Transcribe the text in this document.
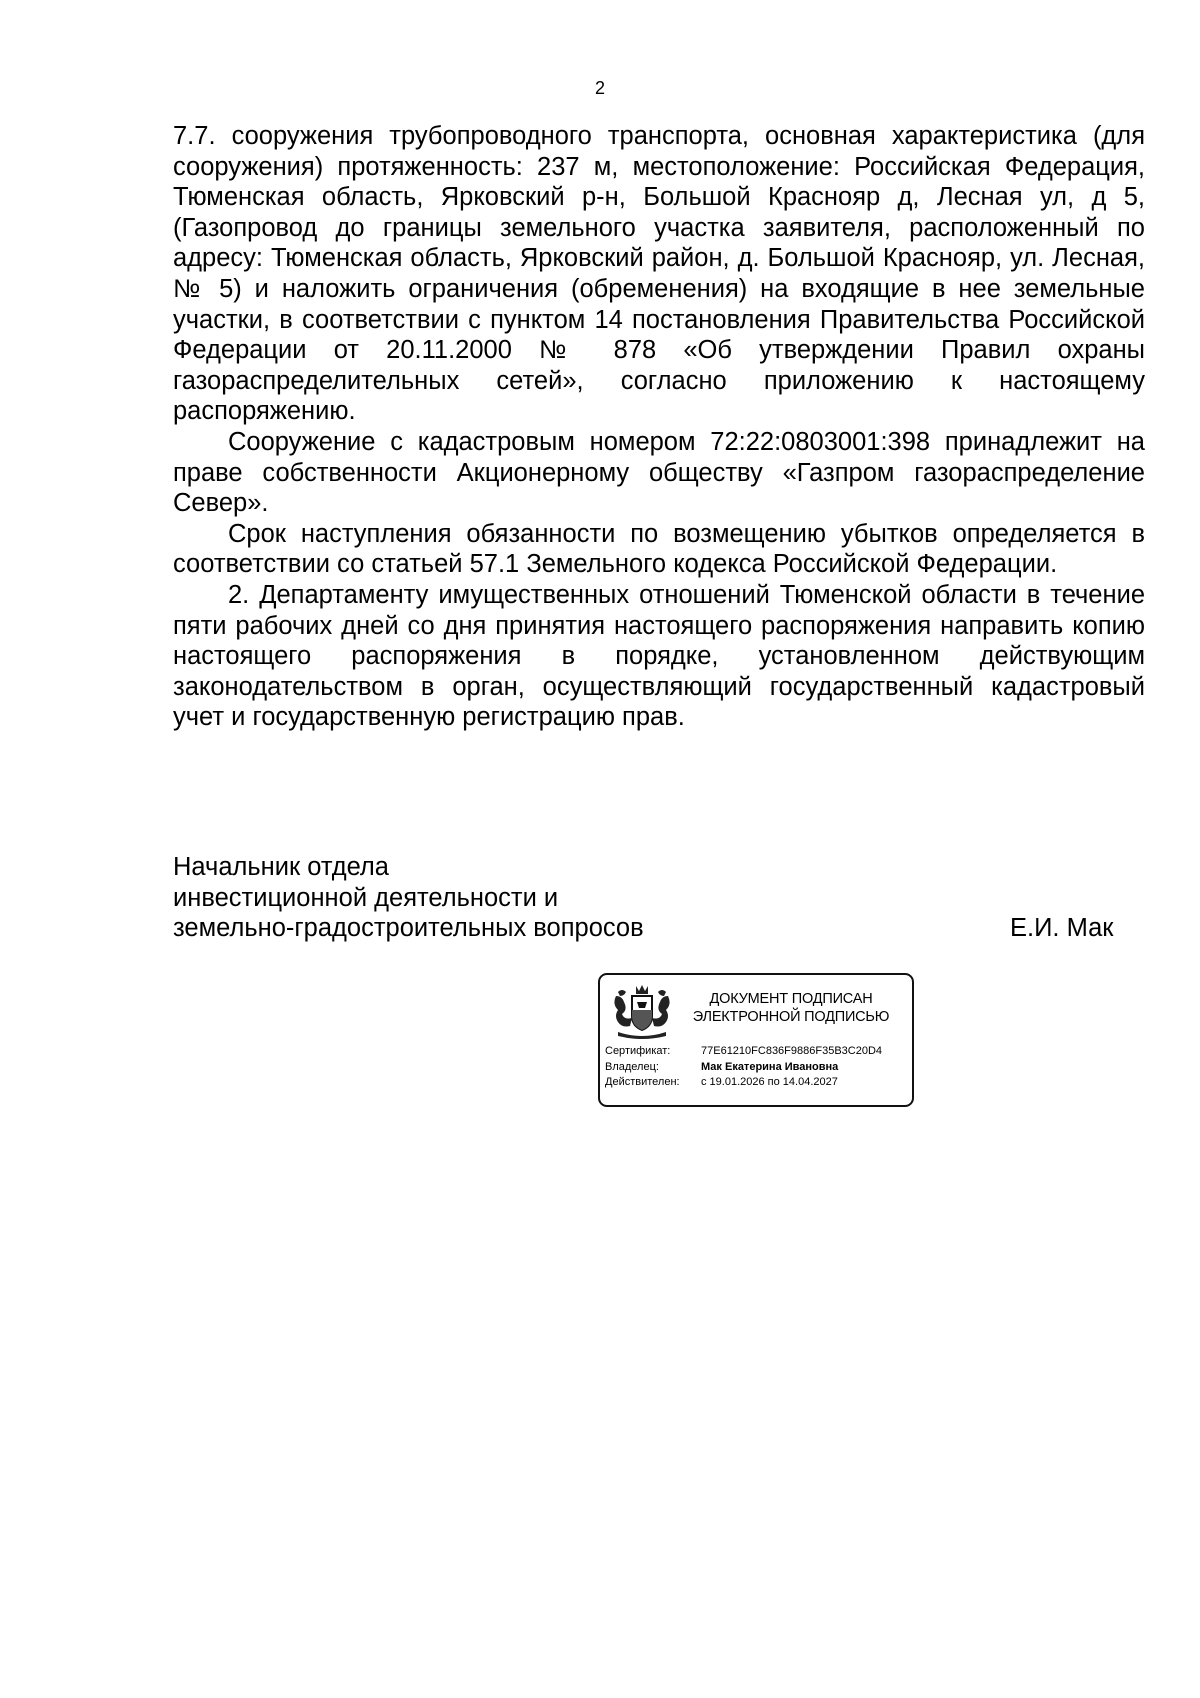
2

7.7. сооружения трубопроводного транспорта, основная характеристика (для сооружения) протяженность: 237 м, местоположение: Российская Федерация, Тюменская область, Ярковский р-н, Большой Краснояр д, Лесная ул, д 5, (Газопровод до границы земельного участка заявителя, расположенный по адресу: Тюменская область, Ярковский район, д. Большой Краснояр, ул. Лесная, № 5) и наложить ограничения (обременения) на входящие в нее земельные участки, в соответствии с пунктом 14 постановления Правительства Российской Федерации от 20.11.2000 № 878 «Об утверждении Правил охраны газораспределительных сетей», согласно приложению к настоящему распоряжению.

Сооружение с кадастровым номером 72:22:0803001:398 принадлежит на праве собственности Акционерному обществу «Газпром газораспределение Север».

Срок наступления обязанности по возмещению убытков определяется в соответствии со статьей 57.1 Земельного кодекса Российской Федерации.

2. Департаменту имущественных отношений Тюменской области в течение пяти рабочих дней со дня принятия настоящего распоряжения направить копию настоящего распоряжения в порядке, установленном действующим законодательством в орган, осуществляющий государственный кадастровый учет и государственную регистрацию прав.

Начальник отдела
инвестиционной деятельности и
земельно-градостроительных вопросов	Е.И. Мак
ДОКУМЕНТ ПОДПИСАН
ЭЛЕКТРОННОЙ ПОДПИСЬЮ
Сертификат:	77E61210FC836F9886F35B3C20D4
Владелец:	Мак Екатерина Ивановна
Действителен:	с 19.01.2026 по 14.04.2027
